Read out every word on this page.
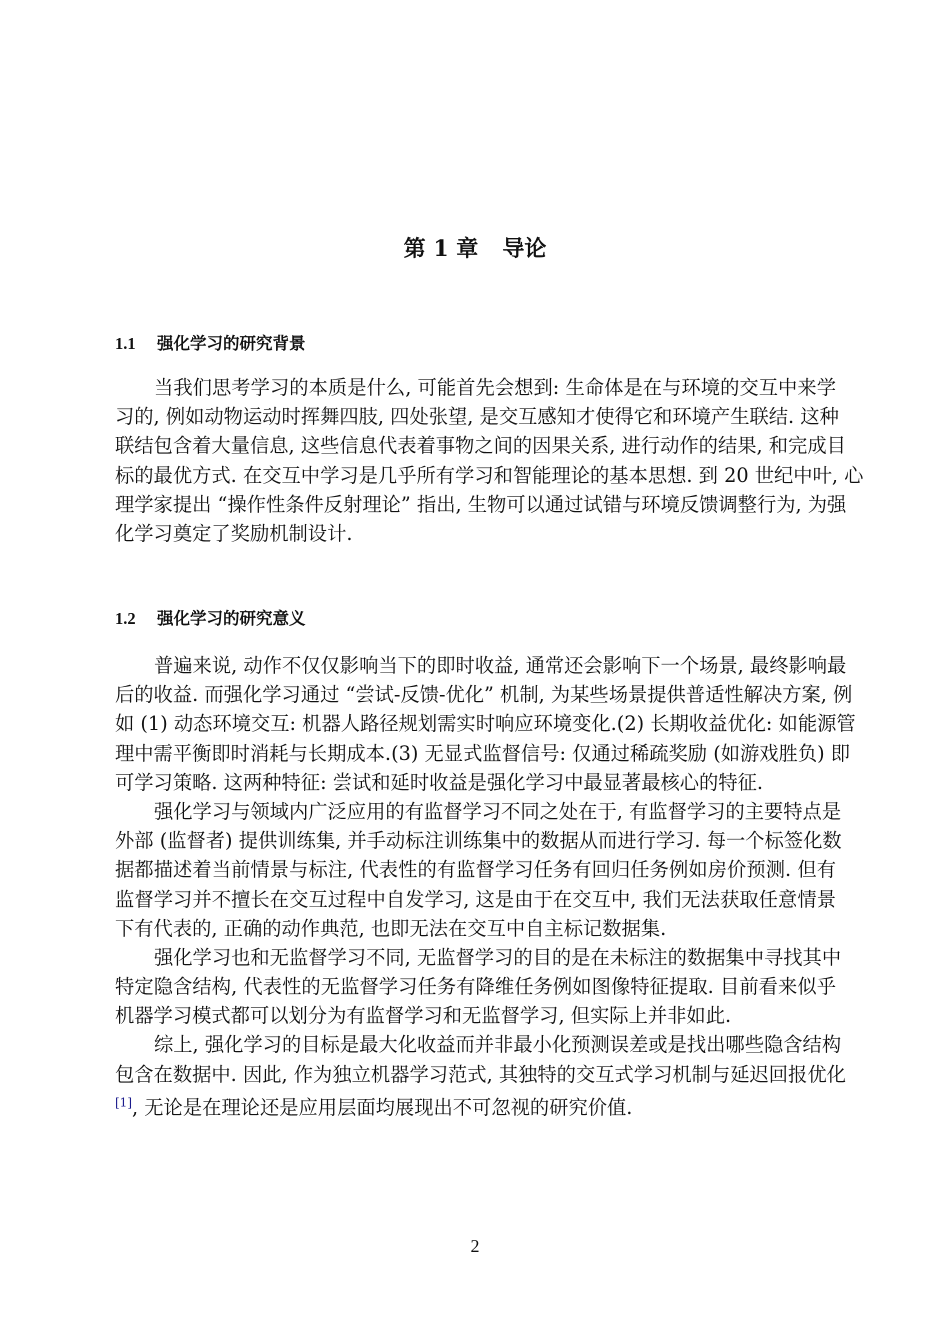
第 1 章 导论
1.1 强化学习的研究背景
当我们思考学习的本质是什么, 可能首先会想到: 生命体是在与环境的交互中来学
习的, 例如动物运动时挥舞四肢, 四处张望, 是交互感知才使得它和环境产生联结. 这种
联结包含着大量信息, 这些信息代表着事物之间的因果关系, 进行动作的结果, 和完成目
标的最优方式. 在交互中学习是几乎所有学习和智能理论的基本思想. 到 20 世纪中叶, 心
理学家提出 “操作性条件反射理论” 指出, 生物可以通过试错与环境反馈调整行为, 为强
化学习奠定了奖励机制设计.
1.2 强化学习的研究意义
普遍来说, 动作不仅仅影响当下的即时收益, 通常还会影响下一个场景, 最终影响最
后的收益. 而强化学习通过 “尝试-反馈-优化” 机制, 为某些场景提供普适性解决方案, 例
如 (1) 动态环境交互: 机器人路径规划需实时响应环境变化.(2) 长期收益优化: 如能源管
理中需平衡即时消耗与长期成本.(3) 无显式监督信号: 仅通过稀疏奖励 (如游戏胜负) 即
可学习策略. 这两种特征: 尝试和延时收益是强化学习中最显著最核心的特征.
强化学习与领域内广泛应用的有监督学习不同之处在于, 有监督学习的主要特点是
外部 (监督者) 提供训练集, 并手动标注训练集中的数据从而进行学习. 每一个标签化数
据都描述着当前情景与标注, 代表性的有监督学习任务有回归任务例如房价预测. 但有
监督学习并不擅长在交互过程中自发学习, 这是由于在交互中, 我们无法获取任意情景
下有代表的, 正确的动作典范, 也即无法在交互中自主标记数据集.
强化学习也和无监督学习不同, 无监督学习的目的是在未标注的数据集中寻找其中
特定隐含结构, 代表性的无监督学习任务有降维任务例如图像特征提取. 目前看来似乎
机器学习模式都可以划分为有监督学习和无监督学习, 但实际上并非如此.
综上, 强化学习的目标是最大化收益而并非最小化预测误差或是找出哪些隐含结构
包含在数据中. 因此, 作为独立机器学习范式, 其独特的交互式学习机制与延迟回报优化
[1], 无论是在理论还是应用层面均展现出不可忽视的研究价值.
2
